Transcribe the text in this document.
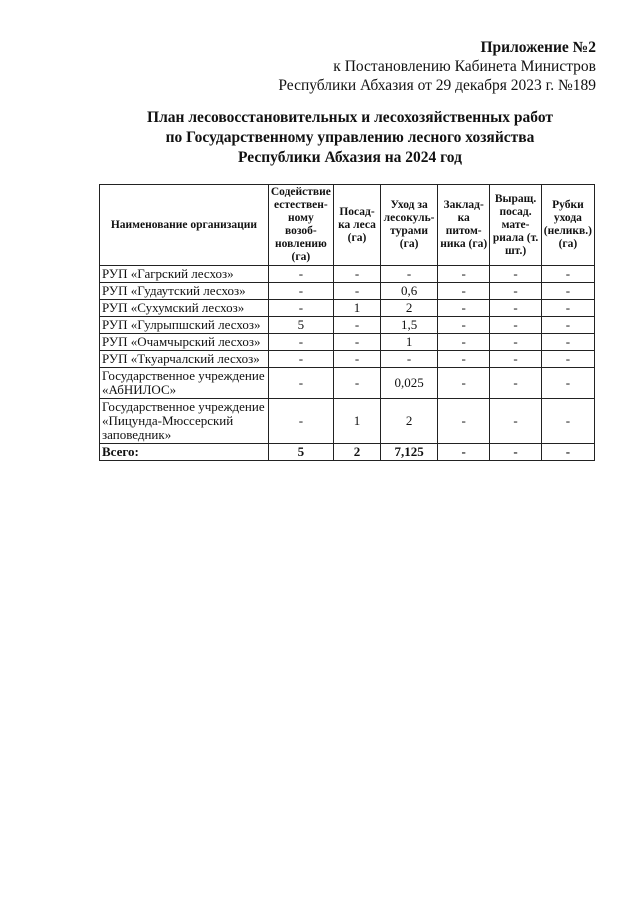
Приложение №2
к Постановлению Кабинета Министров
Республики Абхазия от 29 декабря 2023 г. №189
План лесовосстановительных и лесохозяйственных работ
по Государственному управлению лесного хозяйства
Республики Абхазия на 2024 год
Наименование организации	Содействие естествен-ному возоб-новлению (га)	Посад-ка леса (га)	Уход за лесокуль-турами (га)	Заклад-ка питом-ника (га)	Выращ. посад. мате-риала (т. шт.)	Рубки ухода (неликв.) (га)
РУП «Гагрский лесхоз»	-	-	-	-	-	-
РУП «Гудаутский лесхоз»	-	-	0,6	-	-	-
РУП «Сухумский лесхоз»	-	1	2	-	-	-
РУП «Гулрыпшский лесхоз»	5	-	1,5	-	-	-
РУП «Очамчырский лесхоз»	-	-	1	-	-	-
РУП «Ткуарчалский лесхоз»	-	-	-	-	-	-
Государственное учреждение «АбНИЛОС»	-	-	0,025	-	-	-
Государственное учреждение «Пицунда-Мюссерский заповедник»	-	1	2	-	-	-
Всего:	5	2	7,125	-	-	-
